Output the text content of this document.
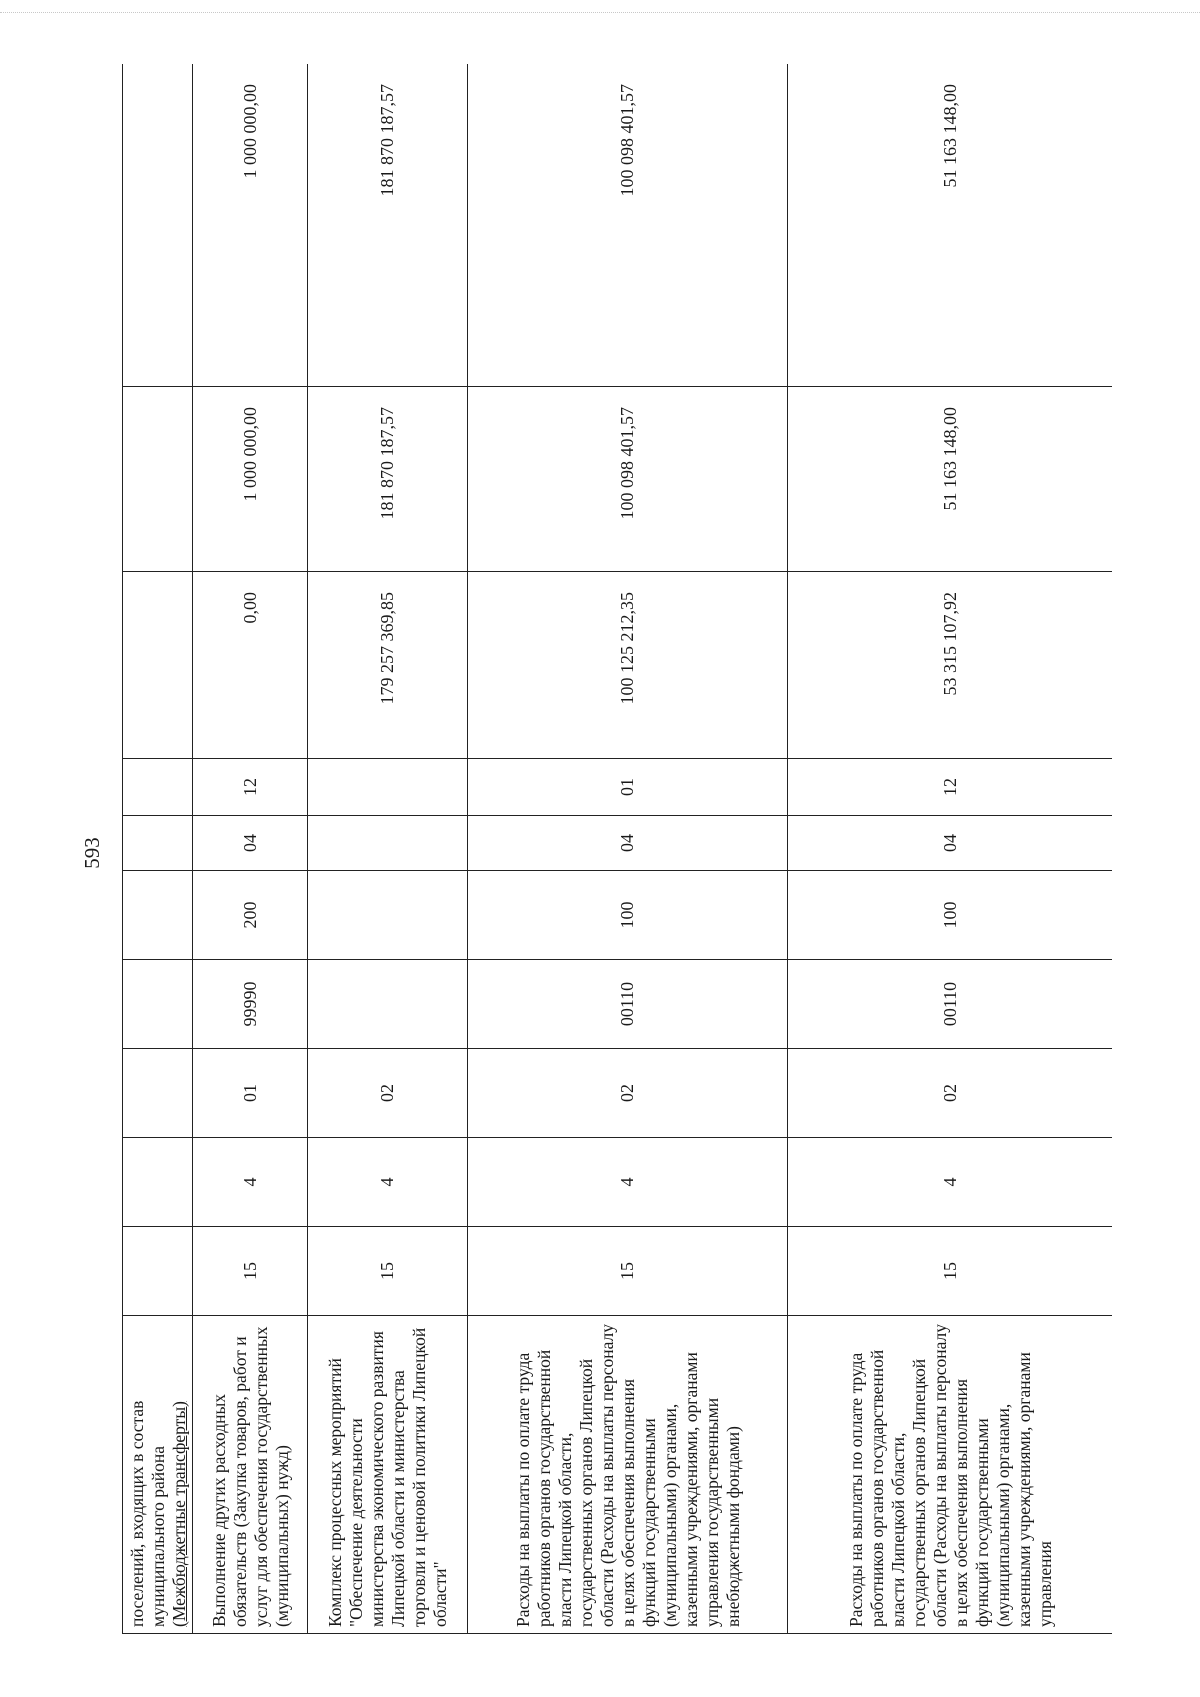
593
поселений, входящих в состав муниципального района
(Межбюджетные трансферты)										
Выполнение других расходных обязательств (Закупка товаров, работ и услуг для обеспечения государственных (муниципальных) нужд)	15	4	01	99990	200	04	12	0,00	1 000 000,00	1 000 000,00
Комплекс процессных мероприятий "Обеспечение деятельности министерства экономического развития Липецкой области и министерства торговли и ценовой политики Липецкой области"	15	4	02					179 257 369,85	181 870 187,57	181 870 187,57
Расходы на выплаты по оплате труда работников органов государственной власти Липецкой области, государственных органов Липецкой области (Расходы на выплаты персоналу в целях обеспечения выполнения функций государственными (муниципальными) органами, казенными учреждениями, органами управления государственными внебюджетными фондами)	15	4	02	00110	100	04	01	100 125 212,35	100 098 401,57	100 098 401,57
Расходы на выплаты по оплате труда работников органов государственной власти Липецкой области, государственных органов Липецкой области (Расходы на выплаты персоналу в целях обеспечения выполнения функций государственными (муниципальными) органами, казенными учреждениями, органами управления	15	4	02	00110	100	04	12	53 315 107,92	51 163 148,00	51 163 148,00
